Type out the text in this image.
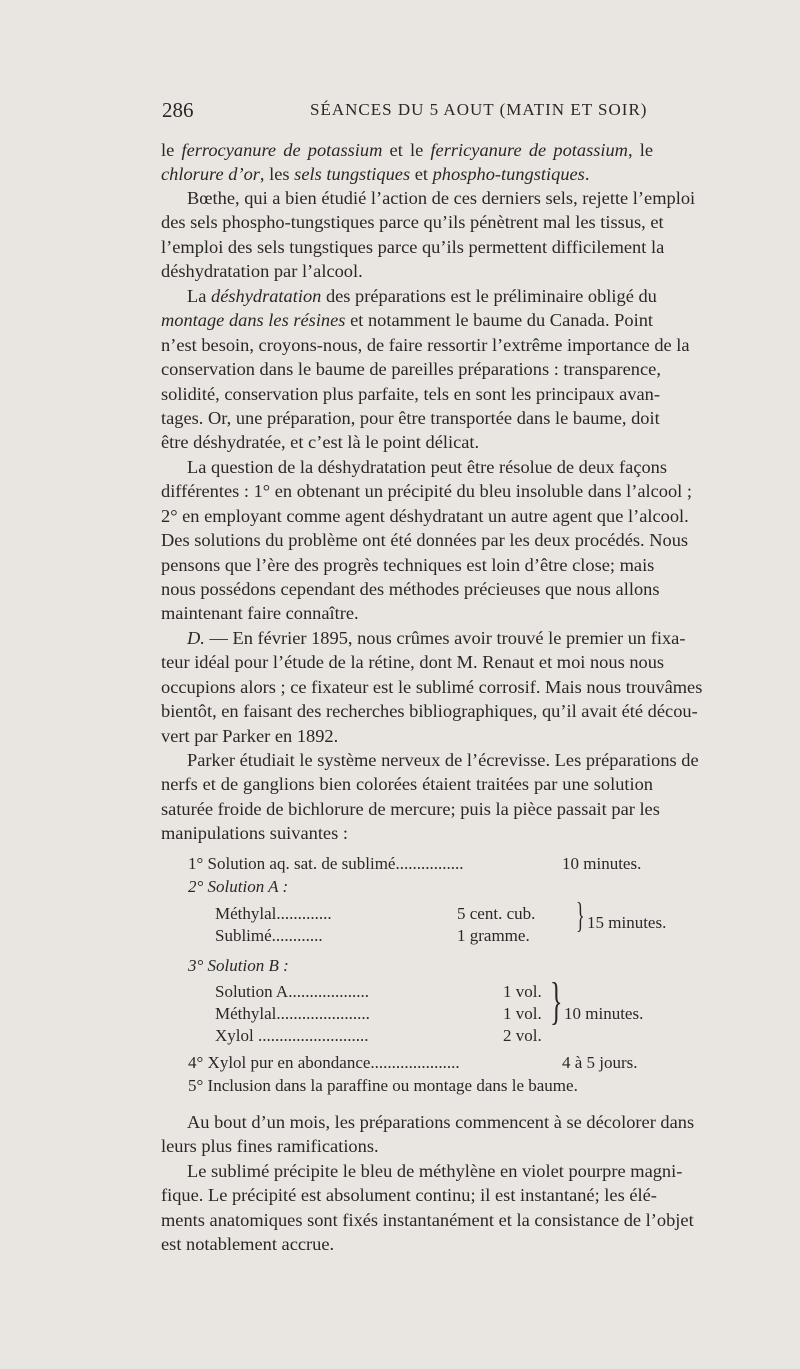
286	SÉANCES DU 5 AOUT (MATIN ET SOIR)
le ferrocyanure de potassium et le ferricyanure de potassium, le
chlorure d’or, les sels tungstiques et phospho-tungstiques.
Bœthe, qui a bien étudié l’action de ces derniers sels, rejette l’emploi
des sels phospho-tungstiques parce qu’ils pénètrent mal les tissus, et
l’emploi des sels tungstiques parce qu’ils permettent difficilement la
déshydratation par l’alcool.
La déshydratation des préparations est le préliminaire obligé du
montage dans les résines et notamment le baume du Canada. Point
n’est besoin, croyons-nous, de faire ressortir l’extrême importance de la
conservation dans le baume de pareilles préparations : transparence,
solidité, conservation plus parfaite, tels en sont les principaux avan-
tages. Or, une préparation, pour être transportée dans le baume, doit
être déshydratée, et c’est là le point délicat.
La question de la déshydratation peut être résolue de deux façons
différentes : 1° en obtenant un précipité du bleu insoluble dans l’alcool ;
2° en employant comme agent déshydratant un autre agent que l’alcool.
Des solutions du problème ont été données par les deux procédés. Nous
pensons que l’ère des progrès techniques est loin d’être close; mais
nous possédons cependant des méthodes précieuses que nous allons
maintenant faire connaître.
D. — En février 1895, nous crûmes avoir trouvé le premier un fixa-
teur idéal pour l’étude de la rétine, dont M. Renaut et moi nous nous
occupions alors ; ce fixateur est le sublimé corrosif. Mais nous trouvâmes
bientôt, en faisant des recherches bibliographiques, qu’il avait été décou-
vert par Parker en 1892.
Parker étudiait le système nerveux de l’écrevisse. Les préparations de
nerfs et de ganglions bien colorées étaient traitées par une solution
saturée froide de bichlorure de mercure; puis la pièce passait par les
manipulations suivantes :
1° Solution aq. sat. de sublimé................	10 minutes.
2° Solution A :
Méthylal.............	5 cent. cub.
Sublimé............	1 gramme.
} 15 minutes.
3° Solution B :
Solution A...................	1 vol.
Méthylal......................	1 vol.
Xylol ..........................	2 vol.
} 10 minutes.
4° Xylol pur en abondance.....................	4 à 5 jours.
5° Inclusion dans la paraffine ou montage dans le baume.
Au bout d’un mois, les préparations commencent à se décolorer dans
leurs plus fines ramifications.
Le sublimé précipite le bleu de méthylène en violet pourpre magni-
fique. Le précipité est absolument continu; il est instantané; les élé-
ments anatomiques sont fixés instantanément et la consistance de l’objet
est notablement accrue.
